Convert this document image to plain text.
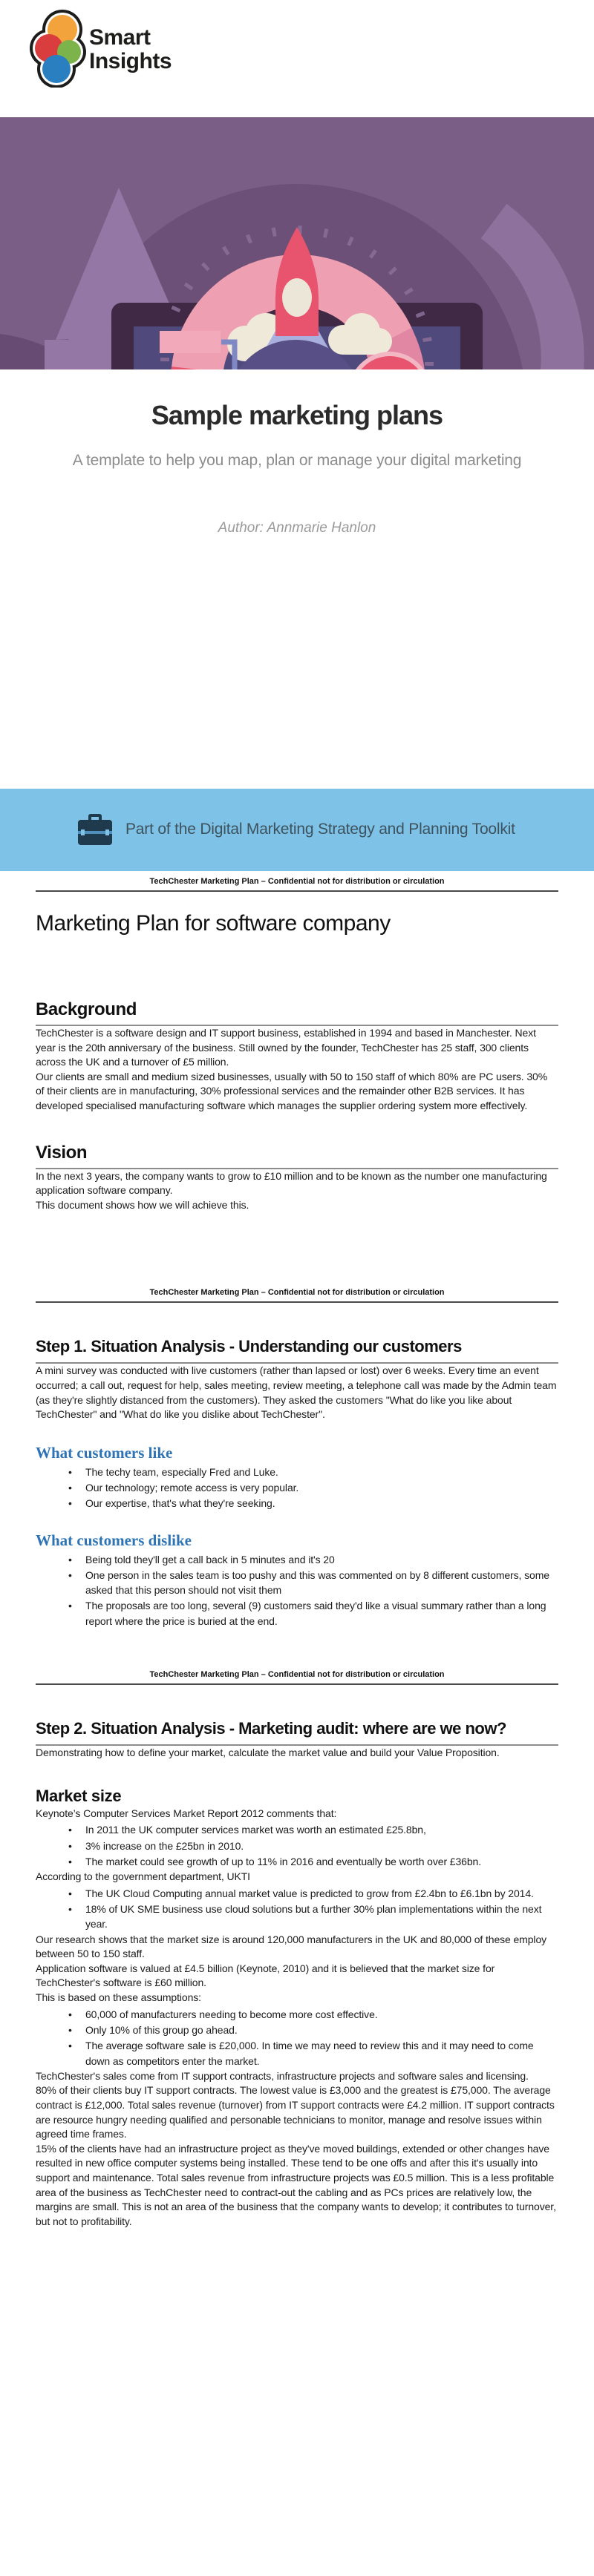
Smart
Insights
Sample marketing plans
A template to help you map, plan or manage your digital marketing
Author: Annmarie Hanlon
Part of the Digital Marketing Strategy and Planning Toolkit
TechChester Marketing Plan – Confidential not for distribution or circulation
Marketing Plan for software company
Background

TechChester is a software design and IT support business, established in 1994 and based in Manchester. Next year is the 20th anniversary of the business. Still owned by the founder, TechChester has 25 staff, 300 clients across the UK and a turnover of £5 million.

Our clients are small and medium sized businesses, usually with 50 to 150 staff of which 80% are PC users. 30% of their clients are in manufacturing, 30% professional services and the remainder other B2B services. It has developed specialised manufacturing software which manages the supplier ordering system more effectively.

Vision

In the next 3 years, the company wants to grow to £10 million and to be known as the number one manufacturing application software company.

This document shows how we will achieve this.

TechChester Marketing Plan – Confidential not for distribution or circulation
Step 1. Situation Analysis - Understanding our customers

A mini survey was conducted with live customers (rather than lapsed or lost) over 6 weeks. Every time an event occurred; a call out, request for help, sales meeting, review meeting, a telephone call was made by the Admin team (as they're slightly distanced from the customers). They asked the customers "What do like you like about TechChester" and "What do like you dislike about TechChester".

What customers like
• The techy team, especially Fred and Luke.
• Our technology; remote access is very popular.
• Our expertise, that's what they're seeking.
What customers dislike
• Being told they'll get a call back in 5 minutes and it's 20
• One person in the sales team is too pushy and this was commented on by 8 different customers, some asked that this person should not visit them
• The proposals are too long, several (9) customers said they'd like a visual summary rather than a long report where the price is buried at the end.
TechChester Marketing Plan – Confidential not for distribution or circulation
Step 2. Situation Analysis - Marketing audit: where are we now?

Demonstrating how to define your market, calculate the market value and build your Value Proposition.

Market size

Keynote’s Computer Services Market Report 2012 comments that:

• In 2011 the UK computer services market was worth an estimated £25.8bn,
• 3% increase on the £25bn in 2010.
• The market could see growth of up to 11% in 2016 and eventually be worth over £36bn.

According to the government department, UKTI

• The UK Cloud Computing annual market value is predicted to grow from £2.4bn to £6.1bn by 2014.
• 18% of UK SME business use cloud solutions but a further 30% plan implementations within the next year.

Our research shows that the market size is around 120,000 manufacturers in the UK and 80,000 of these employ between 50 to 150 staff.

Application software is valued at £4.5 billion (Keynote, 2010) and it is believed that the market size for TechChester's software is £60 million.

This is based on these assumptions:

• 60,000 of manufacturers needing to become more cost effective.
• Only 10% of this group go ahead.
• The average software sale is £20,000. In time we may need to review this and it may need to come down as competitors enter the market.

TechChester's sales come from IT support contracts, infrastructure projects and software sales and licensing.

80% of their clients buy IT support contracts. The lowest value is £3,000 and the greatest is £75,000. The average contract is £12,000. Total sales revenue (turnover) from IT support contracts were £4.2 million. IT support contracts are resource hungry needing qualified and personable technicians to monitor, manage and resolve issues within agreed time frames.

15% of the clients have had an infrastructure project as they've moved buildings, extended or other changes have resulted in new office computer systems being installed. These tend to be one offs and after this it's usually into support and maintenance. Total sales revenue from infrastructure projects was £0.5 million. This is a less profitable area of the business as TechChester need to contract-out the cabling and as PCs prices are relatively low, the margins are small. This is not an area of the business that the company wants to develop; it contributes to turnover, but not to profitability.
